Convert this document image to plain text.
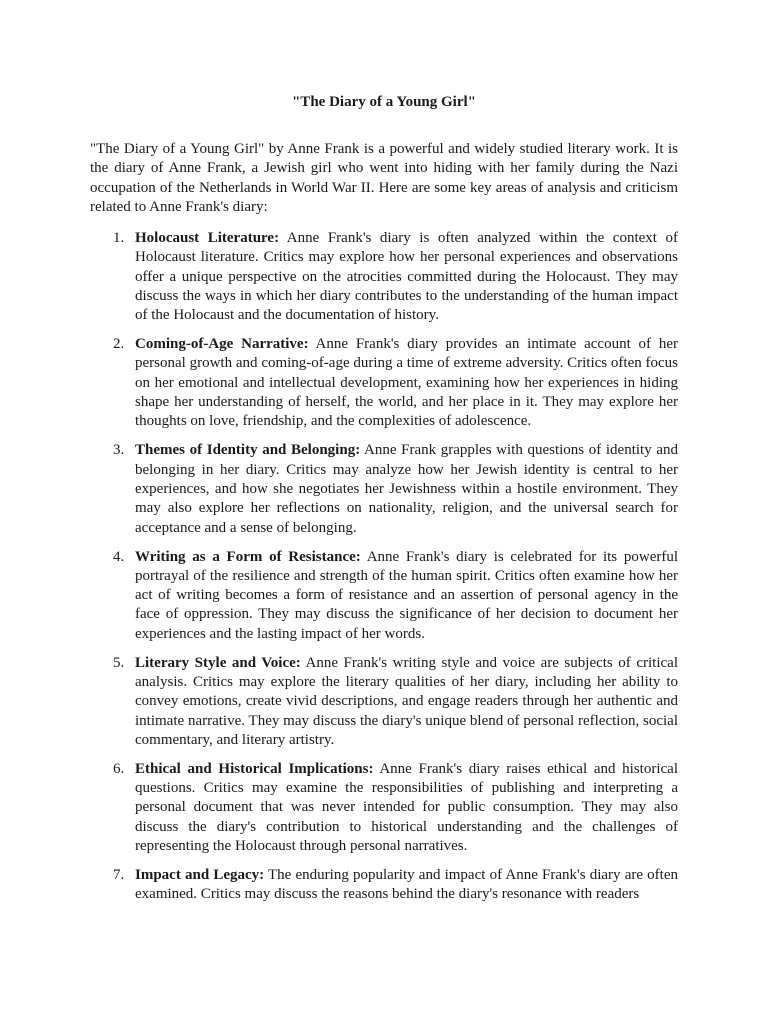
"The Diary of a Young Girl"

"The Diary of a Young Girl" by Anne Frank is a powerful and widely studied literary work. It is the diary of Anne Frank, a Jewish girl who went into hiding with her family during the Nazi occupation of the Netherlands in World War II. Here are some key areas of analysis and criticism related to Anne Frank's diary:

1. Holocaust Literature: Anne Frank's diary is often analyzed within the context of Holocaust literature. Critics may explore how her personal experiences and observations offer a unique perspective on the atrocities committed during the Holocaust. They may discuss the ways in which her diary contributes to the understanding of the human impact of the Holocaust and the documentation of history.
2. Coming-of-Age Narrative: Anne Frank's diary provides an intimate account of her personal growth and coming-of-age during a time of extreme adversity. Critics often focus on her emotional and intellectual development, examining how her experiences in hiding shape her understanding of herself, the world, and her place in it. They may explore her thoughts on love, friendship, and the complexities of adolescence.
3. Themes of Identity and Belonging: Anne Frank grapples with questions of identity and belonging in her diary. Critics may analyze how her Jewish identity is central to her experiences, and how she negotiates her Jewishness within a hostile environment. They may also explore her reflections on nationality, religion, and the universal search for acceptance and a sense of belonging.
4. Writing as a Form of Resistance: Anne Frank's diary is celebrated for its powerful portrayal of the resilience and strength of the human spirit. Critics often examine how her act of writing becomes a form of resistance and an assertion of personal agency in the face of oppression. They may discuss the significance of her decision to document her experiences and the lasting impact of her words.
5. Literary Style and Voice: Anne Frank's writing style and voice are subjects of critical analysis. Critics may explore the literary qualities of her diary, including her ability to convey emotions, create vivid descriptions, and engage readers through her authentic and intimate narrative. They may discuss the diary's unique blend of personal reflection, social commentary, and literary artistry.
6. Ethical and Historical Implications: Anne Frank's diary raises ethical and historical questions. Critics may examine the responsibilities of publishing and interpreting a personal document that was never intended for public consumption. They may also discuss the diary's contribution to historical understanding and the challenges of representing the Holocaust through personal narratives.
7. Impact and Legacy: The enduring popularity and impact of Anne Frank's diary are often examined. Critics may discuss the reasons behind the diary's resonance with readers
